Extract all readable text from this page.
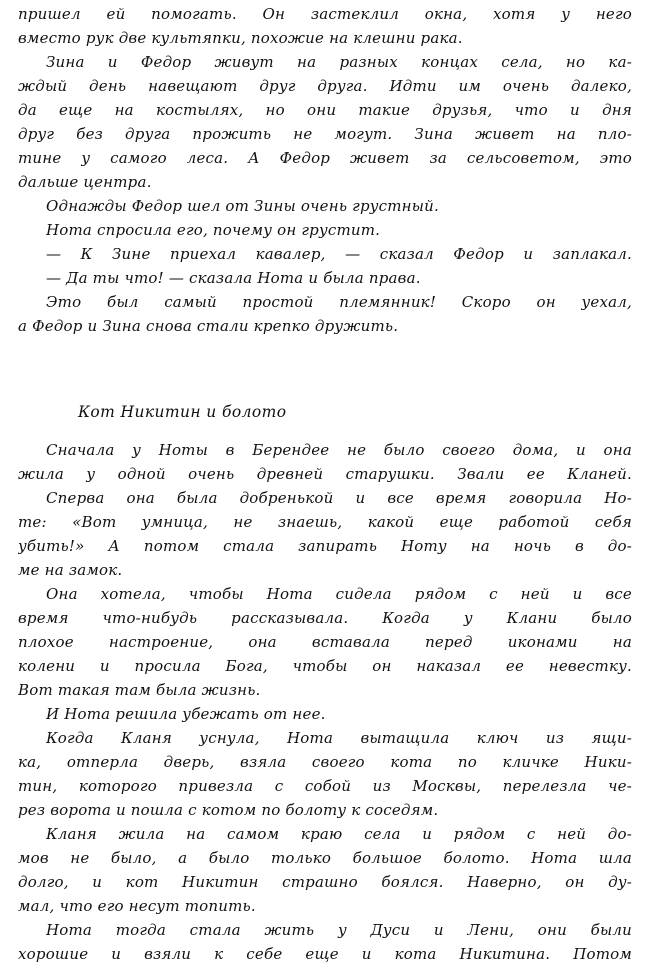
пришел ей помогать. Он застеклил окна, хотя у него
вместо рук две культяпки, похожие на клешни рака.
Зина и Федор живут на разных концах села, но ка-
ждый день навещают друг друга. Идти им очень далеко,
да еще на костылях, но они такие друзья, что и дня
друг без друга прожить не могут. Зина живет на пло-
тине у самого леса. А Федор живет за сельсоветом, это
дальше центра.
Однажды Федор шел от Зины очень грустный.
Нота спросила его, почему он грустит.
— К Зине приехал кавалер, — сказал Федор и заплакал.
— Да ты что! — сказала Нота и была права.
Это был самый простой племянник! Скоро он уехал,
а Федор и Зина снова стали крепко дружить.
Кот Никитин и болото
Сначала у Ноты в Берендее не было своего дома, и она
жила у одной очень древней старушки. Звали ее Кланей.
Сперва она была добренькой и все время говорила Но-
те: «Вот умница, не знаешь, какой еще работой себя
убить!» А потом стала запирать Ноту на ночь в до-
ме на замок.
Она хотела, чтобы Нота сидела рядом с ней и все
время что-нибудь рассказывала. Когда у Клани было
плохое настроение, она вставала перед иконами на
колени и просила Бога, чтобы он наказал ее невестку.
Вот такая там была жизнь.
И Нота решила убежать от нее.
Когда Кланя уснула, Нота вытащила ключ из ящи-
ка, отперла дверь, взяла своего кота по кличке Ники-
тин, которого привезла с собой из Москвы, перелезла че-
рез ворота и пошла с котом по болоту к соседям.
Кланя жила на самом краю села и рядом с ней до-
мов не было, а было только большое болото. Нота шла
долго, и кот Никитин страшно боялся. Наверно, он ду-
мал, что его несут топить.
Нота тогда стала жить у Дуси и Лени, они были
хорошие и взяли к себе еще и кота Никитина. Потом
